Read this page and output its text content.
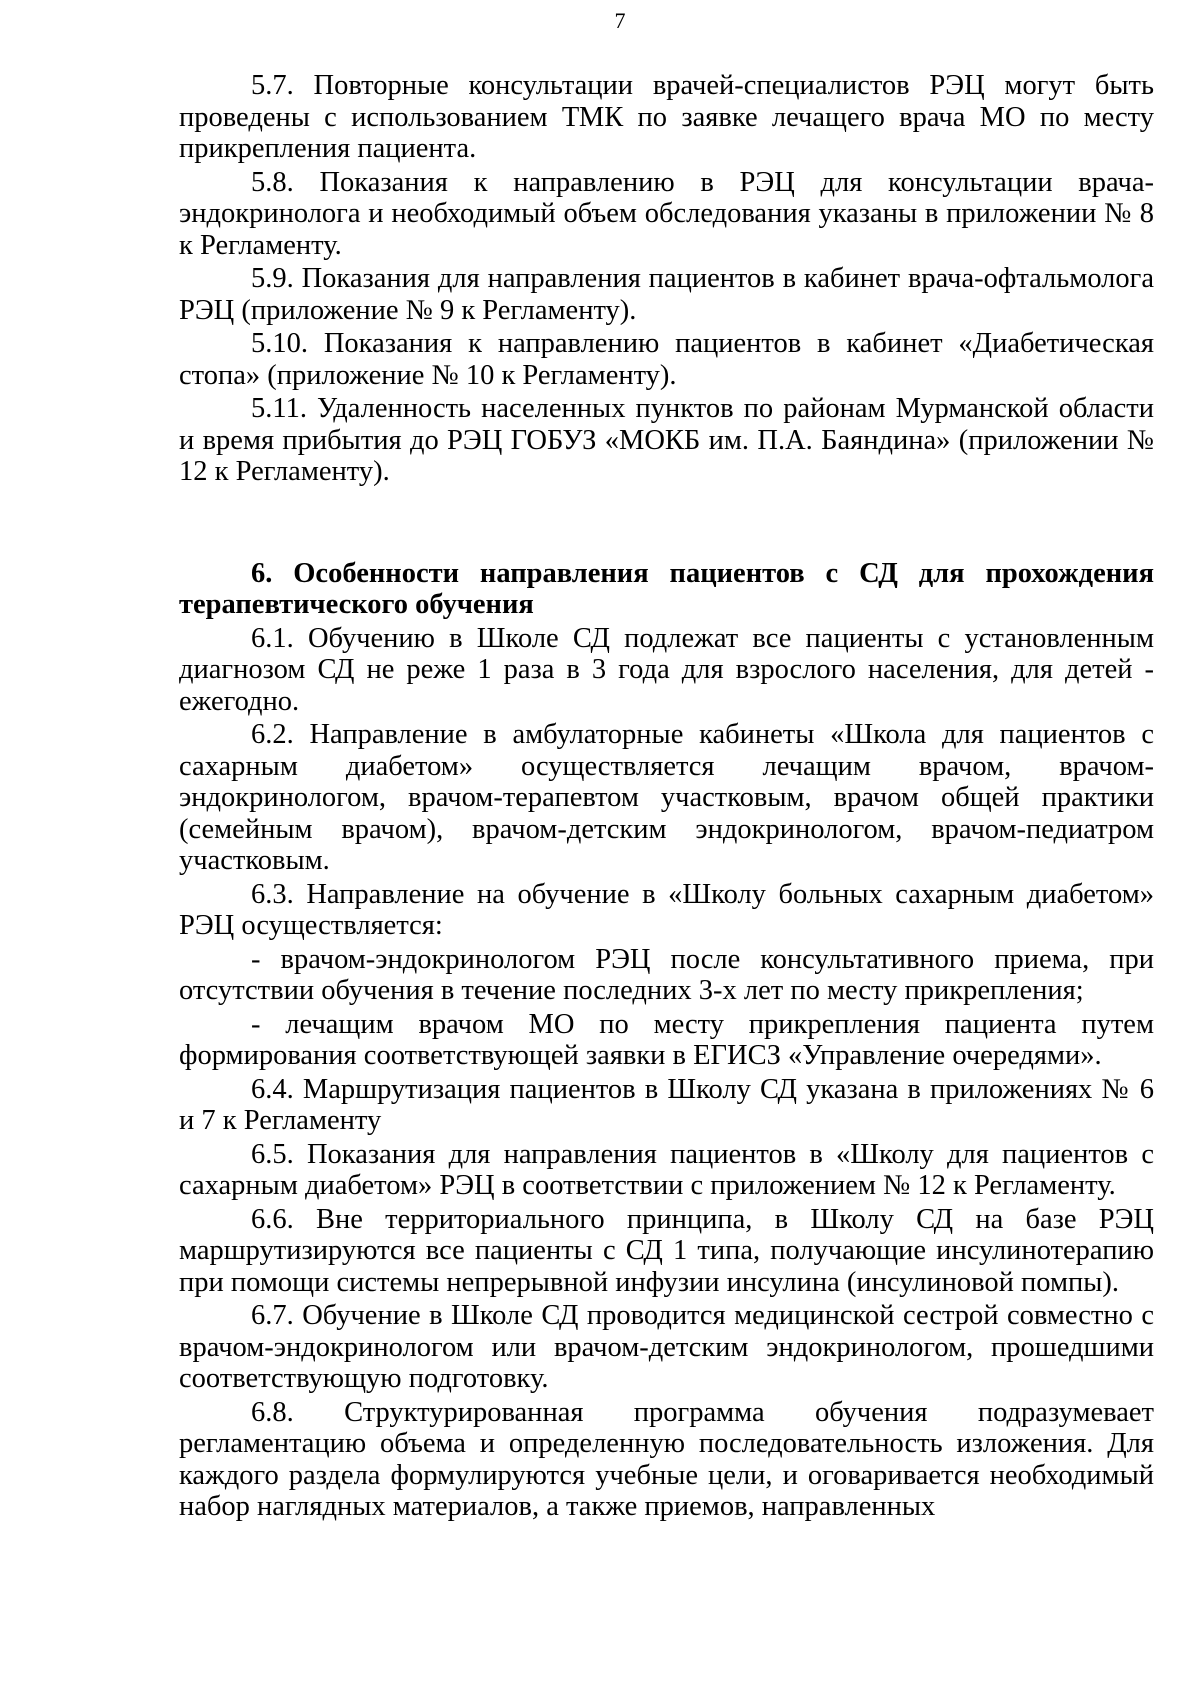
7

5.7. Повторные консультации врачей-специалистов РЭЦ могут быть проведены с использованием ТМК по заявке лечащего врача МО по месту прикрепления пациента.

5.8. Показания к направлению в РЭЦ для консультации врача-эндокринолога и необходимый объем обследования указаны в приложении № 8 к Регламенту.

5.9. Показания для направления пациентов в кабинет врача-офтальмолога РЭЦ (приложение № 9 к Регламенту).

5.10. Показания к направлению пациентов в кабинет «Диабетическая стопа» (приложение № 10 к Регламенту).

5.11. Удаленность населенных пунктов по районам Мурманской области и время прибытия до РЭЦ ГОБУЗ «МОКБ им. П.А. Баяндина» (приложении № 12 к Регламенту).

6. Особенности направления пациентов с СД для прохождения терапевтического обучения

6.1. Обучению в Школе СД подлежат все пациенты с установленным диагнозом СД не реже 1 раза в 3 года для взрослого населения, для детей - ежегодно.

6.2. Направление в амбулаторные кабинеты «Школа для пациентов с сахарным диабетом» осуществляется лечащим врачом, врачом-эндокринологом, врачом-терапевтом участковым, врачом общей практики (семейным врачом), врачом-детским эндокринологом, врачом-педиатром участковым.

6.3. Направление на обучение в «Школу больных сахарным диабетом» РЭЦ осуществляется:

- врачом-эндокринологом РЭЦ после консультативного приема, при отсутствии обучения в течение последних 3-х лет по месту прикрепления;

- лечащим врачом МО по месту прикрепления пациента путем формирования соответствующей заявки в ЕГИСЗ «Управление очередями».

6.4. Маршрутизация пациентов в Школу СД указана в приложениях № 6 и 7 к Регламенту

6.5. Показания для направления пациентов в «Школу для пациентов с сахарным диабетом» РЭЦ в соответствии с приложением № 12 к Регламенту.

6.6. Вне территориального принципа, в Школу СД на базе РЭЦ маршрутизируются все пациенты с СД 1 типа, получающие инсулинотерапию при помощи системы непрерывной инфузии инсулина (инсулиновой помпы).

6.7. Обучение в Школе СД проводится медицинской сестрой совместно с врачом-эндокринологом или врачом-детским эндокринологом, прошедшими соответствующую подготовку.

6.8. Структурированная программа обучения подразумевает регламентацию объема и определенную последовательность изложения. Для каждого раздела формулируются учебные цели, и оговаривается необходимый набор наглядных материалов, а также приемов, направленных
